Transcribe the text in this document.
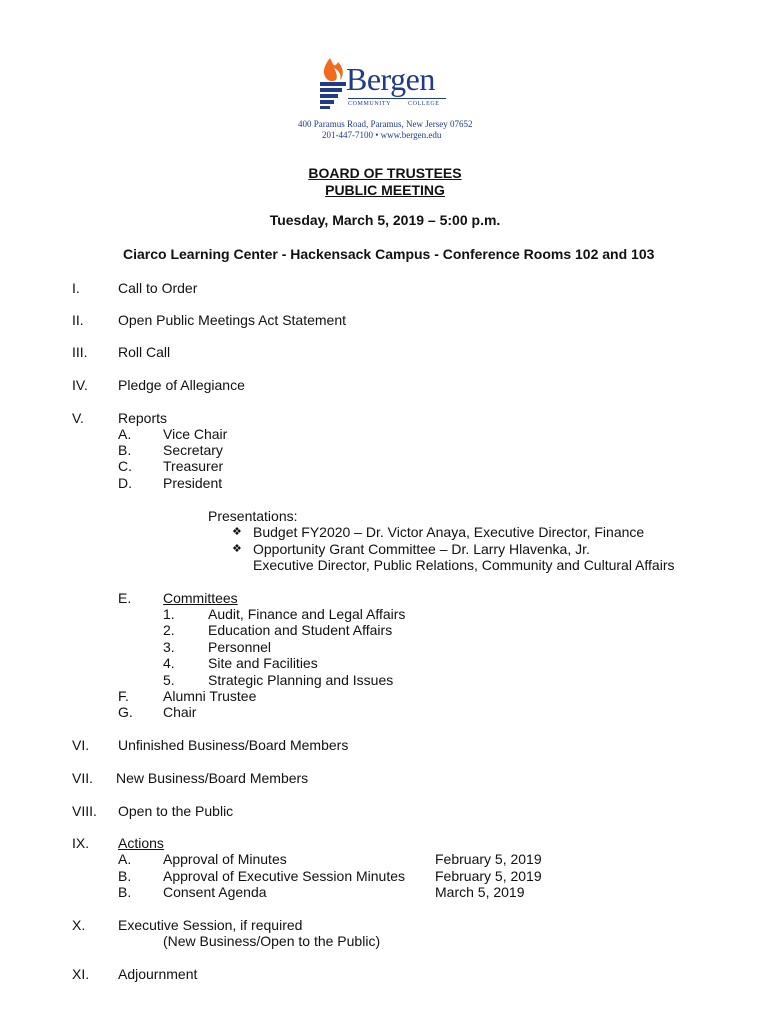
Bergen
COMMUNITY	COLLEGE
400 Paramus Road, Paramus, New Jersey 07652
201-447-7100 • www.bergen.edu
BOARD OF TRUSTEES
PUBLIC MEETING
Tuesday, March 5, 2019 – 5:00 p.m.
Ciarco Learning Center - Hackensack Campus - Conference Rooms 102 and 103
I.	Call to Order
II. Open Public Meetings Act Statement
III. Roll Call
IV. Pledge of Allegiance
V. Reports
A. Vice Chair
B. Secretary
C. Treasurer
D. President
Presentations:
❖ Budget FY2020 – Dr. Victor Anaya, Executive Director, Finance
❖ Opportunity Grant Committee – Dr. Larry Hlavenka, Jr.
Executive Director, Public Relations, Community and Cultural Affairs
E. Committees
1. Audit, Finance and Legal Affairs
2. Education and Student Affairs
3. Personnel
4. Site and Facilities
5. Strategic Planning and Issues
F. Alumni Trustee
G. Chair
VI. Unfinished Business/Board Members
VII. New Business/Board Members
VIII. Open to the Public
IX. Actions
A. Approval of Minutes	February 5, 2019
B. Approval of Executive Session Minutes February 5, 2019
B. Consent Agenda	March 5, 2019
X. Executive Session, if required
(New Business/Open to the Public)
XI. Adjournment
